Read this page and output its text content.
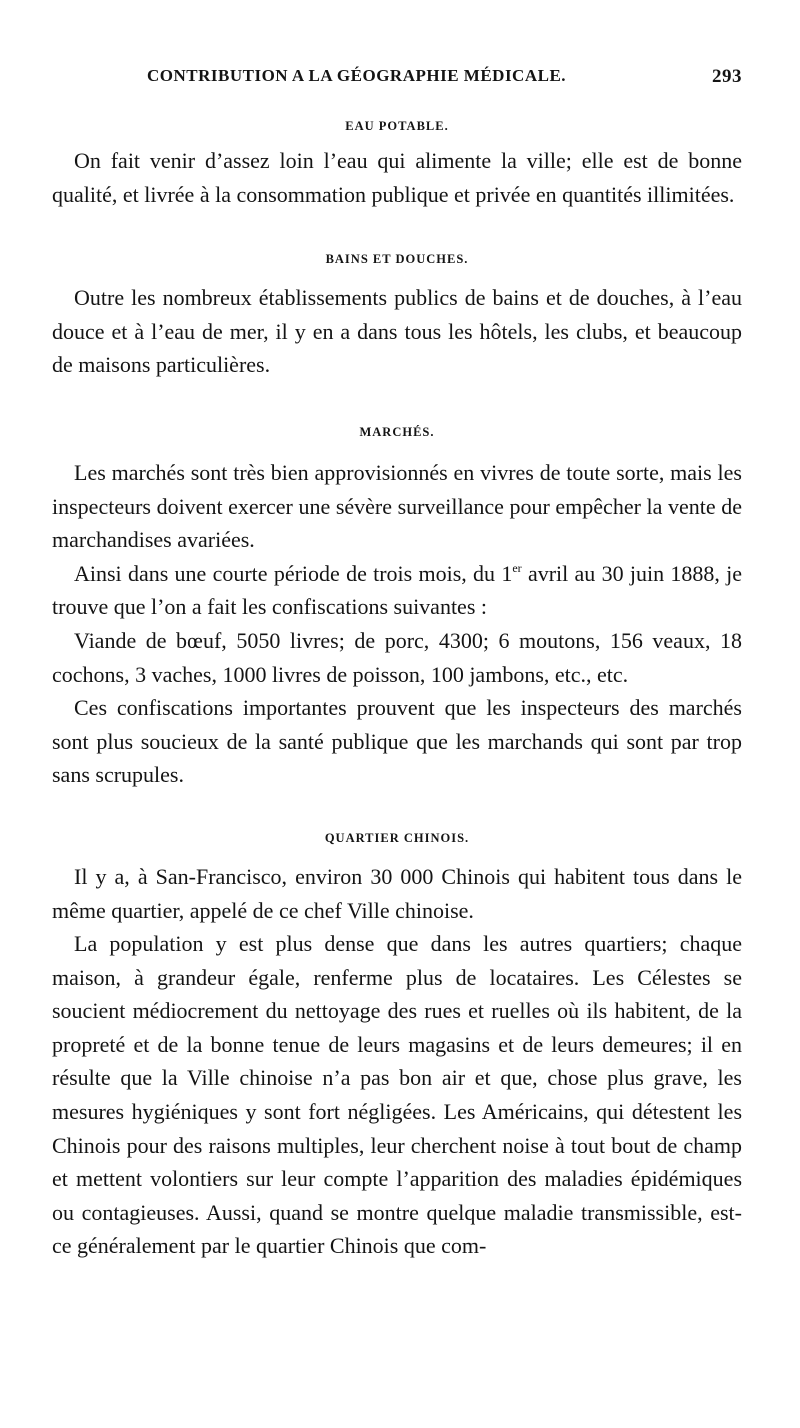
CONTRIBUTION A LA GÉOGRAPHIE MÉDICALE.	293
EAU POTABLE.

On fait venir d’assez loin l’eau qui alimente la ville; elle est de bonne qualité, et livrée à la consommation publique et privée en quantités illimitées.

BAINS ET DOUCHES.

Outre les nombreux établissements publics de bains et de douches, à l’eau douce et à l’eau de mer, il y en a dans tous les hôtels, les clubs, et beaucoup de maisons particulières.

MARCHÉS.

Les marchés sont très bien approvisionnés en vivres de toute sorte, mais les inspecteurs doivent exercer une sévère surveillance pour empêcher la vente de marchandises avariées.

Ainsi dans une courte période de trois mois, du 1er avril au 30 juin 1888, je trouve que l’on a fait les confiscations suivantes :

Viande de bœuf, 5050 livres; de porc, 4300; 6 moutons, 156 veaux, 18 cochons, 3 vaches, 1000 livres de poisson, 100 jambons, etc., etc.

Ces confiscations importantes prouvent que les inspecteurs des marchés sont plus soucieux de la santé publique que les marchands qui sont par trop sans scrupules.

QUARTIER CHINOIS.

Il y a, à San-Francisco, environ 30 000 Chinois qui habitent tous dans le même quartier, appelé de ce chef Ville chinoise.

La population y est plus dense que dans les autres quartiers; chaque maison, à grandeur égale, renferme plus de locataires. Les Célestes se soucient médiocrement du nettoyage des rues et ruelles où ils habitent, de la propreté et de la bonne tenue de leurs magasins et de leurs demeures; il en résulte que la Ville chinoise n’a pas bon air et que, chose plus grave, les mesures hygiéniques y sont fort négligées. Les Américains, qui détestent les Chinois pour des raisons multiples, leur cherchent noise à tout bout de champ et mettent volontiers sur leur compte l’apparition des maladies épidémiques ou contagieuses. Aussi, quand se montre quelque maladie transmissible, est-ce généralement par le quartier Chinois que com-
